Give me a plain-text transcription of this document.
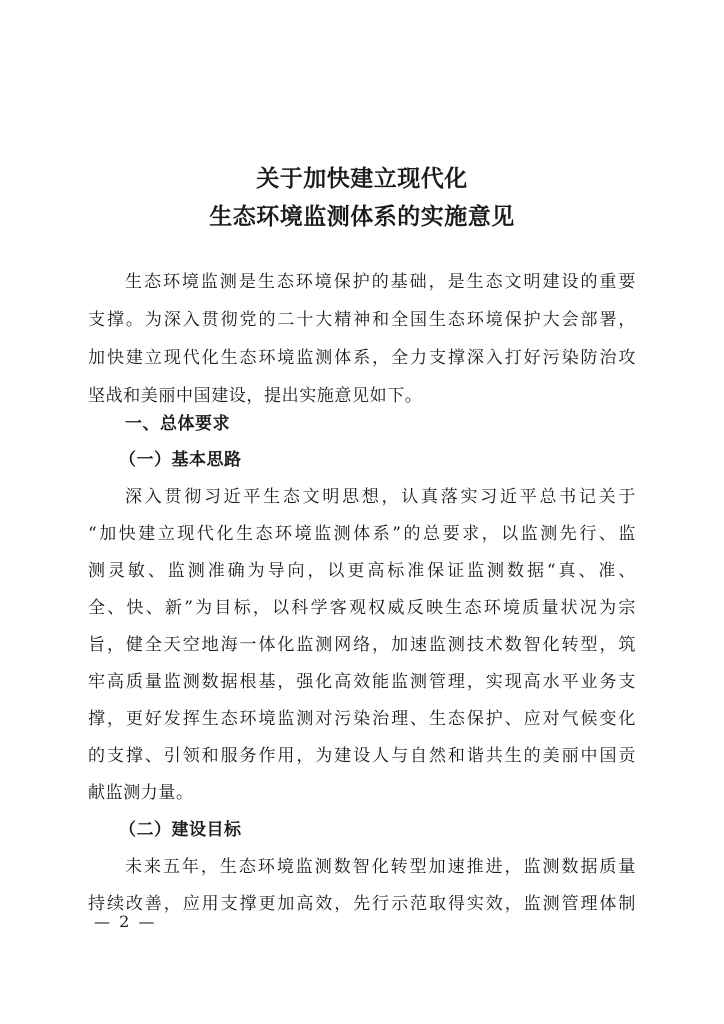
关于加快建立现代化
生态环境监测体系的实施意见
生态环境监测是生态环境保护的基础，是生态文明建设的重要
支撑。为深入贯彻党的二十大精神和全国生态环境保护大会部署，
加快建立现代化生态环境监测体系，全力支撑深入打好污染防治攻
坚战和美丽中国建设，提出实施意见如下。
一、总体要求
（一）基本思路
深入贯彻习近平生态文明思想，认真落实习近平总书记关于
“加快建立现代化生态环境监测体系”的总要求，以监测先行、监
测灵敏、监测准确为导向，以更高标准保证监测数据“真、准、
全、快、新”为目标，以科学客观权威反映生态环境质量状况为宗
旨，健全天空地海一体化监测网络，加速监测技术数智化转型，筑
牢高质量监测数据根基，强化高效能监测管理，实现高水平业务支
撑，更好发挥生态环境监测对污染治理、生态保护、应对气候变化
的支撑、引领和服务作用，为建设人与自然和谐共生的美丽中国贡
献监测力量。
（二）建设目标
未来五年，生态环境监测数智化转型加速推进，监测数据质量
持续改善，应用支撑更加高效，先行示范取得实效，监测管理体制
— 2 —
